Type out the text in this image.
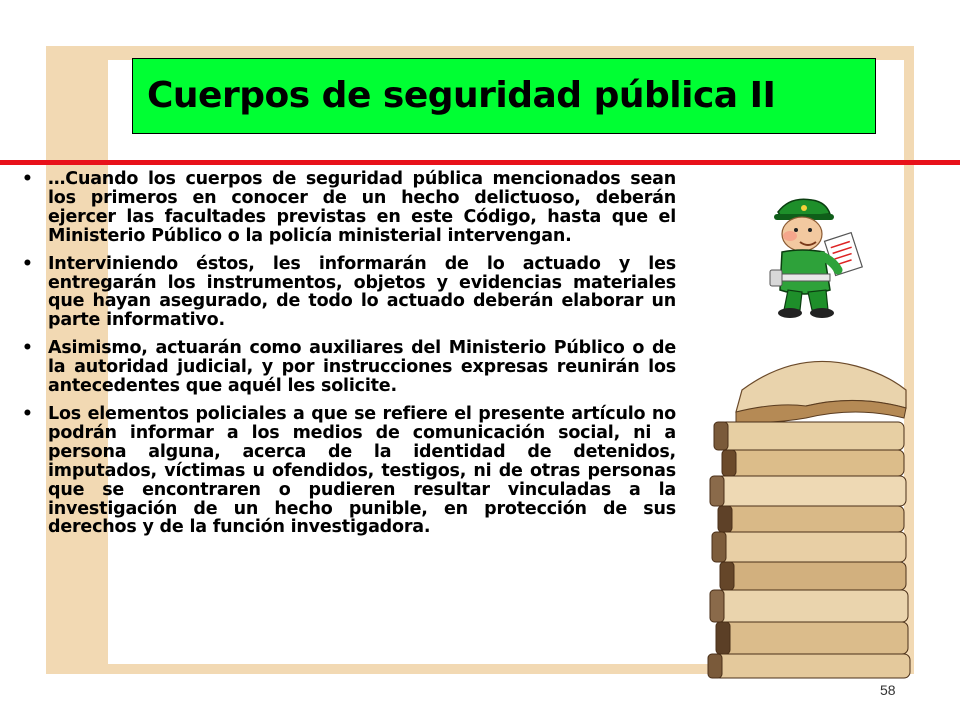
Cuerpos de seguridad pública II
• …Cuando los cuerpos de seguridad pública mencionados sean los primeros en conocer de un hecho delictuoso, deberán ejercer las facultades previstas en este Código, hasta que el Ministerio Público o la policía ministerial intervengan.
• Interviniendo éstos, les informarán de lo actuado y les entregarán los instrumentos, objetos y evidencias materiales que hayan asegurado, de todo lo actuado deberán elaborar un parte informativo.
• Asimismo, actuarán como auxiliares del Ministerio Público o de la autoridad judicial, y por instrucciones expresas reunirán los antecedentes que aquél les solicite.
• Los elementos policiales a que se refiere el presente artículo no podrán informar a los medios de comunicación social, ni a persona alguna, acerca de la identidad de detenidos, imputados, víctimas u ofendidos, testigos, ni de otras personas que se encontraren o pudieren resultar vinculadas a la investigación de un hecho punible, en protección de sus derechos y de la función investigadora.
58
